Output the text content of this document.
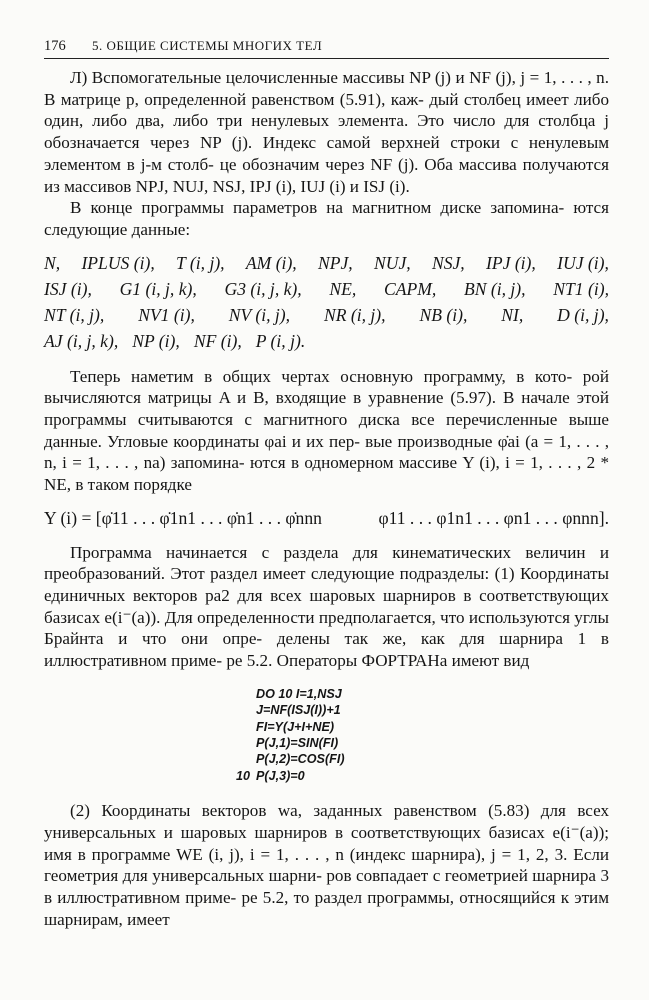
176	5. ОБЩИЕ СИСТЕМЫ МНОГИХ ТЕЛ

Л) Вспомогательные целочисленные массивы NP (j) и NF (j), j = 1, . . . , n. В матрице p, определенной равенством (5.91), каж- дый столбец имеет либо один, либо два, либо три ненулевых элемента. Это число для столбца j обозначается через NP (j). Индекс самой верхней строки с ненулевым элементом в j-м столб- це обозначим через NF (j). Оба массива получаются из массивов NPJ, NUJ, NSJ, IPJ (i), IUJ (i) и ISJ (i).

В конце программы параметров на магнитном диске запомина- ются следующие данные:

N, IPLUS (i), T (i, j), AM (i), NPJ, NUJ, NSJ, IPJ (i), IUJ (i),
ISJ (i), G1 (i, j, k), G3 (i, j, k), NE, CAPM, BN (i, j), NT1 (i),
NT (i, j), NV1 (i), NV (i, j), NR (i, j), NB (i), NI, D (i, j),
AJ (i, j, k), NP (i), NF (i), P (i, j).

Теперь наметим в общих чертах основную программу, в кото- рой вычисляются матрицы A и B, входящие в уравнение (5.97). В начале этой программы считываются с магнитного диска все перечисленные выше данные. Угловые координаты φai и их пер- вые производные φ̇ai (a = 1, . . . , n, i = 1, . . . , na) запомина- ются в одномерном массиве Y (i), i = 1, . . . , 2 * NE, в таком порядке

Y (i) = [φ̇11 . . . φ̇1n1 . . . φ̇n1 . . . φ̇nnn	φ11 . . . φ1n1 . . . φn1 . . . φnnn].

Программа начинается с раздела для кинематических величин и преобразований. Этот раздел имеет следующие подразделы: (1) Координаты единичных векторов pa2 для всех шаровых шарниров в соответствующих базисах e(i⁻(a)). Для определенности предполагается, что используются углы Брайнта и что они опре- делены так же, как для шарнира 1 в иллюстративном приме- ре 5.2. Операторы ФОРТРАНа имеют вид

DO 10 I=1,NSJ
J=NF(ISJ(I))+1
FI=Y(J+I+NE)
P(J,1)=SIN(FI)
P(J,2)=COS(FI)
10 P(J,3)=0

(2) Координаты векторов wa, заданных равенством (5.83) для всех универсальных и шаровых шарниров в соответствующих базисах e(i⁻(a)); имя в программе WE (i, j), i = 1, . . . , n (индекс шарнира), j = 1, 2, 3. Если геометрия для универсальных шарни- ров совпадает с геометрией шарнира 3 в иллюстративном приме- ре 5.2, то раздел программы, относящийся к этим шарнирам, имеет
